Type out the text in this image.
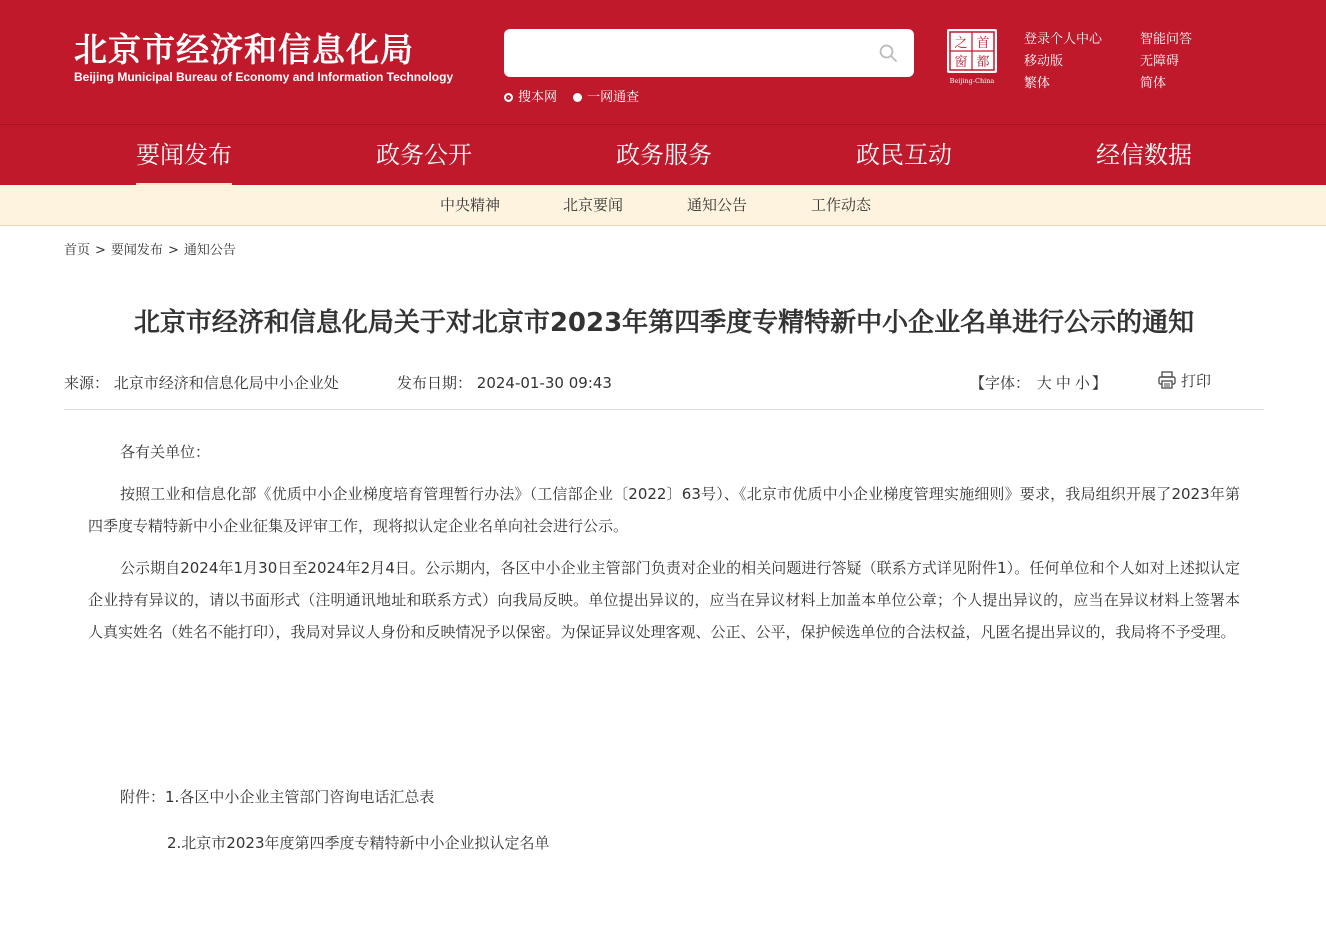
北京市经济和信息化局
Beijing Municipal Bureau of Economy and Information Technology
搜本网 一网通查
之 首
窗 都
Beijing-China
登录个人中心	智能问答
移动版	无障碍
繁体	简体
要闻发布	政务公开	政务服务	政民互动	经信数据
中央精神	北京要闻	通知公告	工作动态
首页 > 要闻发布 > 通知公告
北京市经济和信息化局关于对北京市2023年第四季度专精特新中小企业名单进行公示的通知
来源： 北京市经济和信息化局中小企业处	发布日期： 2024-01-30 09:43	【字体： 大 中 小 】	打印

各有关单位：

按照工业和信息化部《优质中小企业梯度培育管理暂行办法》（工信部企业〔2022〕63号）、《北京市优质中小企业梯度管理实施细则》要求，我局组织开展了2023年第四季度专精特新中小企业征集及评审工作，现将拟认定企业名单向社会进行公示。

公示期自2024年1月30日至2024年2月4日。公示期内，各区中小企业主管部门负责对企业的相关问题进行答疑（联系方式详见附件1）。任何单位和个人如对上述拟认定企业持有异议的，请以书面形式（注明通讯地址和联系方式）向我局反映。单位提出异议的，应当在异议材料上加盖本单位公章；个人提出异议的，应当在异议材料上签署本人真实姓名（姓名不能打印），我局对异议人身份和反映情况予以保密。为保证异议处理客观、公正、公平，保护候选单位的合法权益，凡匿名提出异议的，我局将不予受理。

附件：1.各区中小企业主管部门咨询电话汇总表
2.北京市2023年度第四季度专精特新中小企业拟认定名单
